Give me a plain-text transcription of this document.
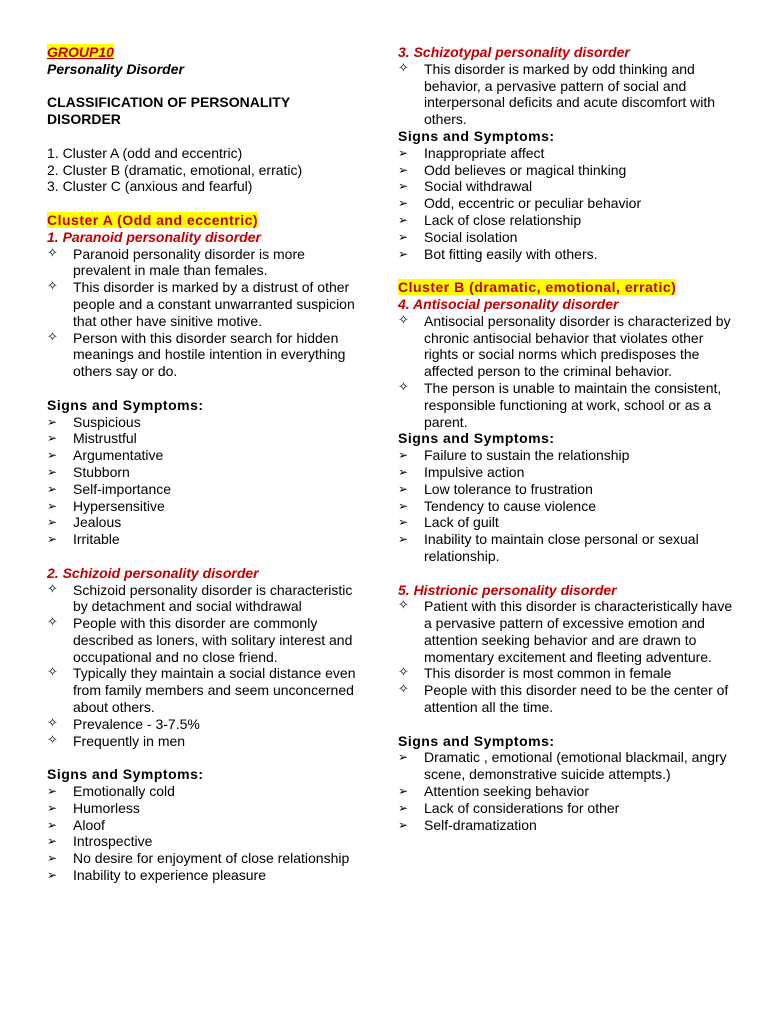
GROUP10
Personality Disorder
CLASSIFICATION OF PERSONALITY DISORDER
1. Cluster A (odd and eccentric)
2. Cluster B (dramatic, emotional, erratic)
3. Cluster C (anxious and fearful)
Cluster A (Odd and eccentric)
1. Paranoid personality disorder
✧	Paranoid personality disorder is more prevalent in male than females.
✧	This disorder is marked by a distrust of other people and a constant unwarranted suspicion that other have sinitive motive.
✧	Person with this disorder search for hidden meanings and hostile intention in everything others say or do.
Signs and Symptoms:
➢	Suspicious
➢	Mistrustful
➢	Argumentative
➢	Stubborn
➢	Self-importance
➢	Hypersensitive
➢	Jealous
➢	Irritable
2. Schizoid personality disorder
✧	Schizoid personality disorder is characteristic by detachment and social withdrawal
✧	People with this disorder are commonly described as loners, with solitary interest and occupational and no close friend.
✧	Typically they maintain a social distance even from family members and seem unconcerned about others.
✧	Prevalence - 3-7.5%
✧	Frequently in men
Signs and Symptoms:
➢	Emotionally cold
➢	Humorless
➢	Aloof
➢	Introspective
➢	No desire for enjoyment of close relationship
➢	Inability to experience pleasure
3. Schizotypal personality disorder
✧	This disorder is marked by odd thinking and behavior, a pervasive pattern of social and interpersonal deficits and acute discomfort with others.
Signs and Symptoms:
➢	Inappropriate affect
➢	Odd believes or magical thinking
➢	Social withdrawal
➢	Odd, eccentric or peculiar behavior
➢	Lack of close relationship
➢	Social isolation
➢	Bot fitting easily with others.
Cluster B (dramatic, emotional, erratic)
4. Antisocial personality disorder
✧	Antisocial personality disorder is characterized by chronic antisocial behavior that violates other rights or social norms which predisposes the affected person to the criminal behavior.
✧	The person is unable to maintain the consistent, responsible functioning at work, school or as a parent.
Signs and Symptoms:
➢	Failure to sustain the relationship
➢	Impulsive action
➢	Low tolerance to frustration
➢	Tendency to cause violence
➢	Lack of guilt
➢	Inability to maintain close personal or sexual relationship.
5. Histrionic personality disorder
✧	Patient with this disorder is characteristically have a pervasive pattern of excessive emotion and attention seeking behavior and are drawn to momentary excitement and fleeting adventure.
✧	This disorder is most common in female
✧	People with this disorder need to be the center of attention all the time.
Signs and Symptoms:
➢	Dramatic , emotional (emotional blackmail, angry scene, demonstrative suicide attempts.)
➢	Attention seeking behavior
➢	Lack of considerations for other
➢	Self-dramatization
